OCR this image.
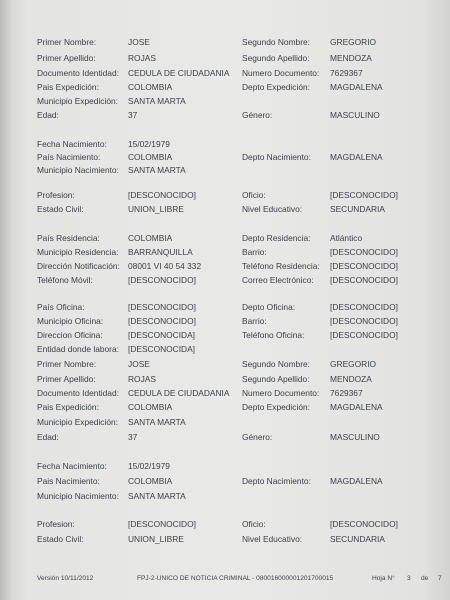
Primer Nombre:	JOSE	Segundo Nombre: GREGORIO
Primer Apellido:	ROJAS	Segundo Apellido: MENDOZA
Documento Identidad: CEDULA DE CIUDADANIA Numero Documento: 7629367
Pais Expedición:	COLOMBIA	Depto Expedición: MAGDALENA
Municipio Expedición: SANTA MARTA
Edad:	37	Género:	MASCULINO
Fecha Nacimiento:	15/02/1979
País Nacimiento:	COLOMBIA	Depto Nacimiento: MAGDALENA
Municipio Nacimiento: SANTA MARTA
Profesion:	[DESCONOCIDO]	Oficio:	[DESCONOCIDO]
Estado Civil:	UNION_LIBRE	Nivel Educativo:	SECUNDARIA
País Residencia:	COLOMBIA	Depto Residencia: Atlántico
Municipio Residencia: BARRANQUILLA	Barrio:	[DESCONOCIDO]
Dirección Notificación: 08001 VI 40 54 332	Teléfono Residencia: [DESCONOCIDO]
Teléfono Móvil:	[DESCONOCIDO]	Correo Electrónico: [DESCONOCIDO]
País Oficina:	[DESCONOCIDO]	Depto Oficina:	[DESCONOCIDO]
Municipio Oficina:	[DESCONOCIDO]	Barrio:	[DESCONOCIDO]
Direccion Oficina:	[DESCONOCIDA]	Teléfono Oficina:	[DESCONOCIDO]
Entidad donde labora: [DESCONOCIDA]
Primer Nombre:	JOSE	Segundo Nombre: GREGORIO
Primer Apellido:	ROJAS	Segundo Apellido: MENDOZA
Documento Identidad: CEDULA DE CIUDADANIA Numero Documento: 7629367
Pais Expedición:	COLOMBIA	Depto Expedición: MAGDALENA
Municipio Expedición: SANTA MARTA
Edad:	37	Género:	MASCULINO
Fecha Nacimiento:	15/02/1979
Pais Nacimiento:	COLOMBIA	Depto Nacimiento: MAGDALENA
Municipio Nacimiento: SANTA MARTA
Profesion:	[DESCONOCIDO]	Oficio:	[DESCONOCIDO]
Estado Civil:	UNION_LIBRE	Nivel Educativo:	SECUNDARIA
Versión 10/11/2012	FPJ-2-UNICO DE NOTICIA CRIMINAL - 080016000001201700015	Hoja N° 3 de 7
